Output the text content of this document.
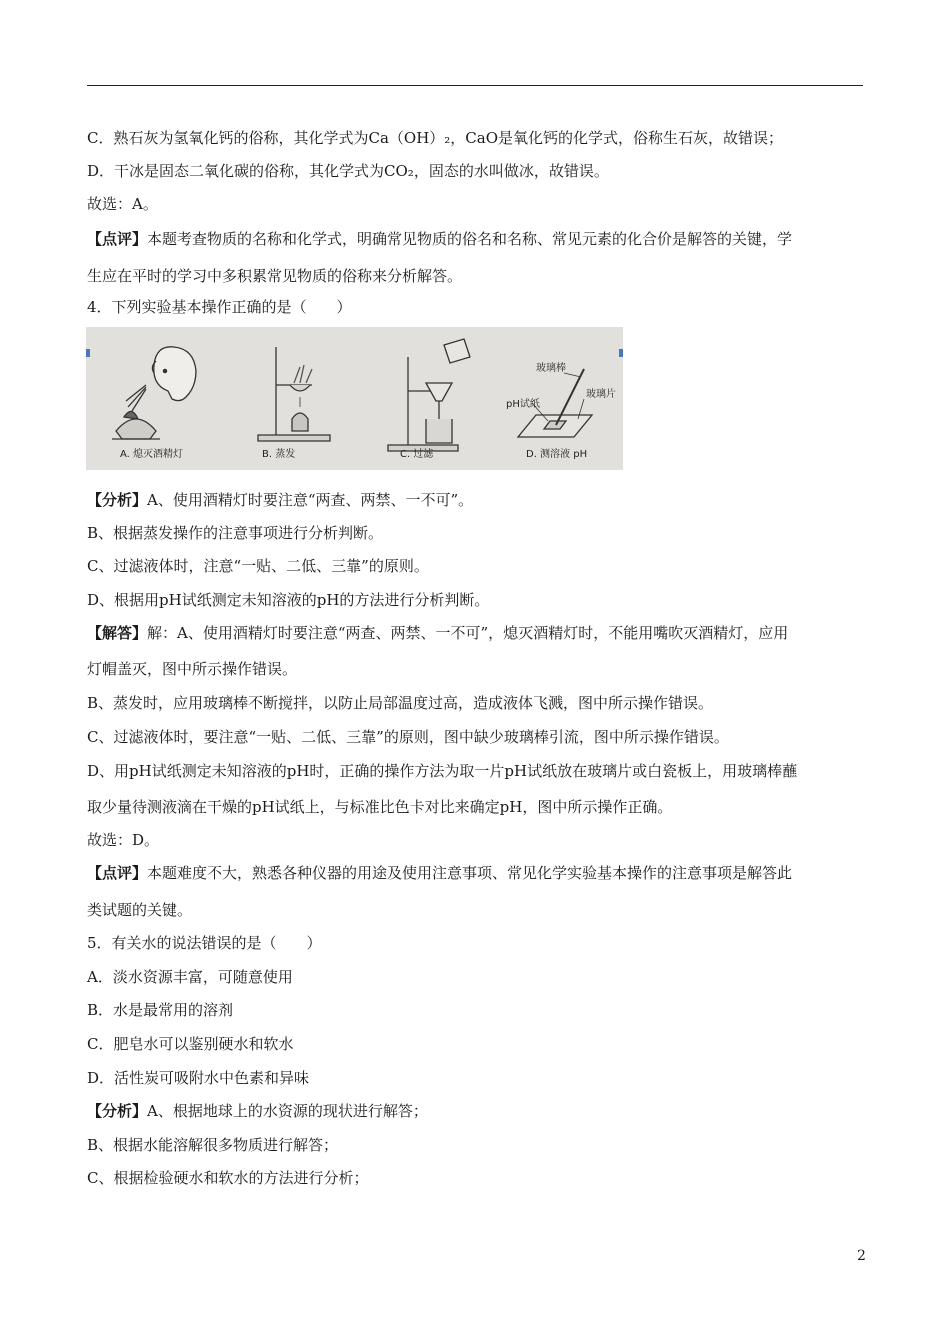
C．熟石灰为氢氧化钙的俗称，其化学式为Ca（OH）₂，CaO是氧化钙的化学式，俗称生石灰，故错误；
D．干冰是固态二氧化碳的俗称，其化学式为CO₂，固态的水叫做冰，故错误。
故选：A。
【点评】本题考查物质的名称和化学式，明确常见物质的俗名和名称、常见元素的化合价是解答的关键，学
生应在平时的学习中多积累常见物质的俗称来分析解答。
4．下列实验基本操作正确的是（　　）
玻璃棒
pH试纸
玻璃片
A. 熄灭酒精灯	B. 蒸发	C. 过滤	D. 测溶液 pH
【分析】A、使用酒精灯时要注意“两查、两禁、一不可”。
B、根据蒸发操作的注意事项进行分析判断。
C、过滤液体时，注意“一贴、二低、三靠”的原则。
D、根据用pH试纸测定未知溶液的pH的方法进行分析判断。
【解答】解：A、使用酒精灯时要注意“两查、两禁、一不可”，熄灭酒精灯时，不能用嘴吹灭酒精灯，应用
灯帽盖灭，图中所示操作错误。
B、蒸发时，应用玻璃棒不断搅拌，以防止局部温度过高，造成液体飞溅，图中所示操作错误。
C、过滤液体时，要注意“一贴、二低、三靠”的原则，图中缺少玻璃棒引流，图中所示操作错误。
D、用pH试纸测定未知溶液的pH时，正确的操作方法为取一片pH试纸放在玻璃片或白瓷板上，用玻璃棒蘸
取少量待测液滴在干燥的pH试纸上，与标准比色卡对比来确定pH，图中所示操作正确。
故选：D。
【点评】本题难度不大，熟悉各种仪器的用途及使用注意事项、常见化学实验基本操作的注意事项是解答此
类试题的关键。
5．有关水的说法错误的是（　　）
A．淡水资源丰富，可随意使用
B．水是最常用的溶剂
C．肥皂水可以鉴别硬水和软水
D．活性炭可吸附水中色素和异味
【分析】A、根据地球上的水资源的现状进行解答；
B、根据水能溶解很多物质进行解答；
C、根据检验硬水和软水的方法进行分析；
2
